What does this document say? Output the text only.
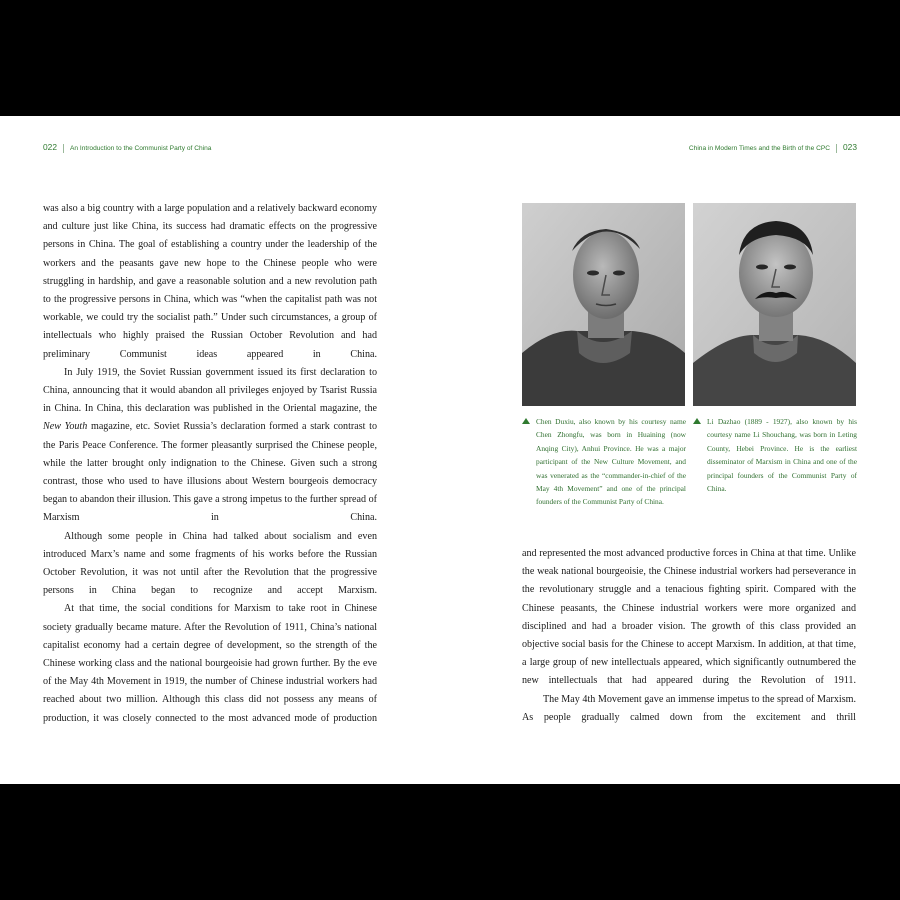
022 An Introduction to the Communist Party of China	China in Modern Times and the Birth of the CPC 023

was also a big country with a large population and a relatively backward economy and culture just like China, its success had dramatic effects on the progressive persons in China. The goal of establishing a country under the leadership of the workers and the peasants gave new hope to the Chinese people who were struggling in hardship, and gave a reasonable solution and a new revolution path to the progressive persons in China, which was “when the capitalist path was not workable, we could try the socialist path.” Under such circumstances, a group of intellectuals who highly praised the Russian October Revolution and had preliminary Communist ideas appeared in China.

In July 1919, the Soviet Russian government issued its first declaration to China, announcing that it would abandon all privileges enjoyed by Tsarist Russia in China. In China, this declaration was published in the Oriental magazine, the New Youth magazine, etc. Soviet Russia’s declaration formed a stark contrast to the Paris Peace Conference. The former pleasantly surprised the Chinese people, while the latter brought only indignation to the Chinese. Given such a strong contrast, those who used to have illusions about Western bourgeois democracy began to abandon their illusion. This gave a strong impetus to the further spread of Marxism in China.

Although some people in China had talked about socialism and even introduced Marx’s name and some fragments of his works before the Russian October Revolution, it was not until after the Revolution that the progressive persons in China began to recognize and accept Marxism.

At that time, the social conditions for Marxism to take root in Chinese society gradually became mature. After the Revolution of 1911, China’s national capitalist economy had a certain degree of development, so the strength of the Chinese working class and the national bourgeoisie had grown further. By the eve of the May 4th Movement in 1919, the number of Chinese industrial workers had reached about two million. Although this class did not possess any means of production, it was closely connected to the most advanced mode of production

Chen Duxiu, also known by his courtesy name Chen Zhongfu, was born in Huaining (now Anqing City), Anhui Province. He was a major participant of the New Culture Movement, and was venerated as the “commander-in-chief of the May 4th Movement” and one of the principal founders of the Communist Party of China.
Li Dazhao (1889 - 1927), also known by his courtesy name Li Shouchang, was born in Leting County, Hebei Province. He is the earliest disseminator of Marxism in China and one of the principal founders of the Communist Party of China.

and represented the most advanced productive forces in China at that time. Unlike the weak national bourgeoisie, the Chinese industrial workers had perseverance in the revolutionary struggle and a tenacious fighting spirit. Compared with the Chinese peasants, the Chinese industrial workers were more organized and disciplined and had a broader vision. The growth of this class provided an objective social basis for the Chinese to accept Marxism. In addition, at that time, a large group of new intellectuals appeared, which significantly outnumbered the new intellectuals that had appeared during the Revolution of 1911.

The May 4th Movement gave an immense impetus to the spread of Marxism. As people gradually calmed down from the excitement and thrill
